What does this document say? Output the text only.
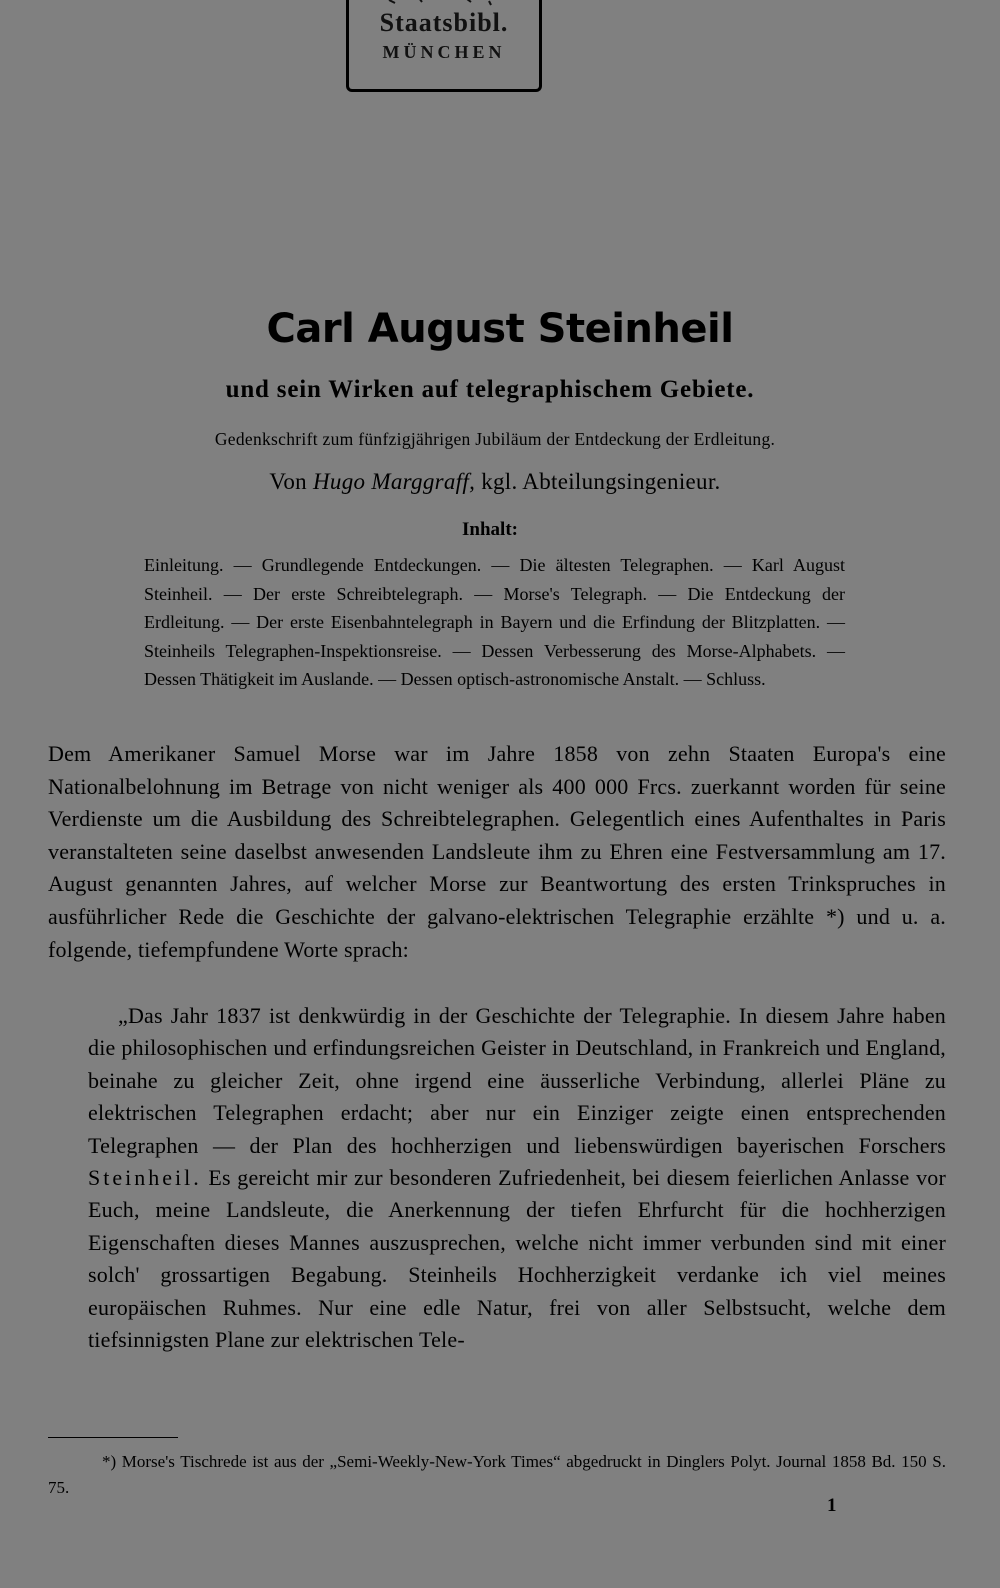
Staatsbibl.
MÜNCHEN
Carl August Steinheil
und sein Wirken auf telegraphischem Gebiete.
Gedenkschrift zum fünfzigjährigen Jubiläum der Entdeckung der Erdleitung.
Von Hugo Marggraff, kgl. Abteilungsingenieur.
Inhalt:

Einleitung. — Grundlegende Entdeckungen. — Die ältesten Telegraphen. — Karl August Steinheil. — Der erste Schreibtelegraph. — Morse's Telegraph. — Die Entdeckung der Erdleitung. — Der erste Eisenbahntelegraph in Bayern und die Erfindung der Blitzplatten. — Steinheils Telegraphen-Inspektionsreise. — Dessen Verbesserung des Morse-Alphabets. — Dessen Thätigkeit im Auslande. — Dessen optisch-astronomische Anstalt. — Schluss.

Dem Amerikaner Samuel Morse war im Jahre 1858 von zehn Staaten Europa's eine Nationalbelohnung im Betrage von nicht weniger als 400 000 Frcs. zuerkannt worden für seine Verdienste um die Ausbildung des Schreibtelegraphen. Gelegentlich eines Aufenthaltes in Paris veranstalteten seine daselbst anwesenden Landsleute ihm zu Ehren eine Festversammlung am 17. August genannten Jahres, auf welcher Morse zur Beantwortung des ersten Trinkspruches in ausführlicher Rede die Geschichte der galvano-elektrischen Telegraphie erzählte *) und u. a. folgende, tiefempfundene Worte sprach:

„Das Jahr 1837 ist denkwürdig in der Geschichte der Telegraphie. In diesem Jahre haben die philosophischen und erfindungsreichen Geister in Deutschland, in Frankreich und England, beinahe zu gleicher Zeit, ohne irgend eine äusserliche Verbindung, allerlei Pläne zu elektrischen Telegraphen erdacht; aber nur ein Einziger zeigte einen entsprechenden Telegraphen — der Plan des hochherzigen und liebenswürdigen bayerischen Forschers Steinheil. Es gereicht mir zur besonderen Zufriedenheit, bei diesem feierlichen Anlasse vor Euch, meine Landsleute, die Anerkennung der tiefen Ehrfurcht für die hochherzigen Eigenschaften dieses Mannes auszusprechen, welche nicht immer verbunden sind mit einer solch' grossartigen Begabung. Steinheils Hochherzigkeit verdanke ich viel meines europäischen Ruhmes. Nur eine edle Natur, frei von aller Selbstsucht, welche dem tiefsinnigsten Plane zur elektrischen Tele-

*) Morse's Tischrede ist aus der „Semi-Weekly-New-York Times“ abgedruckt in Dinglers Polyt. Journal 1858 Bd. 150 S. 75.

1
